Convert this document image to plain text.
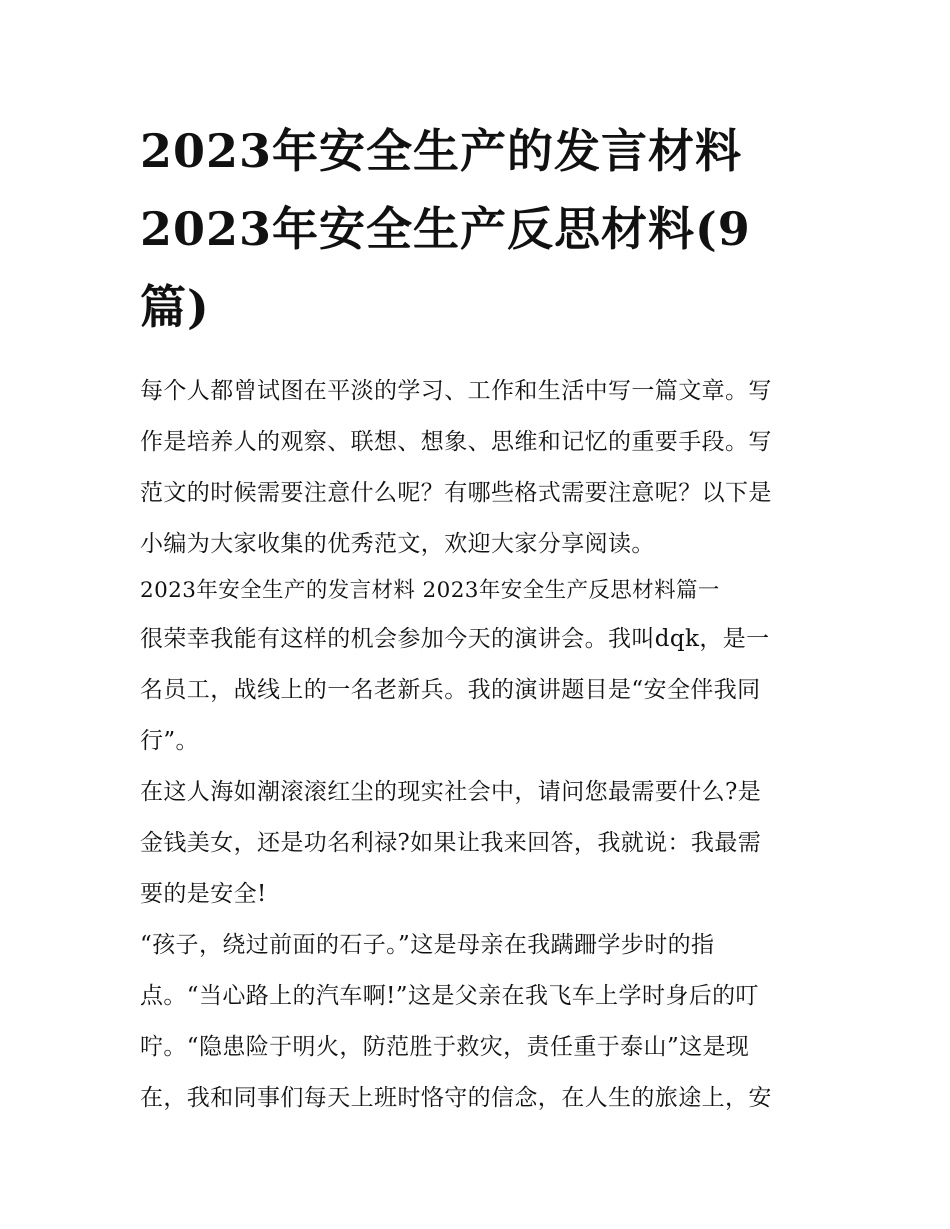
2023年安全生产的发言材料
2023年安全生产反思材料(9
篇)

每个人都曾试图在平淡的学习、工作和生活中写一篇文章。写
作是培养人的观察、联想、想象、思维和记忆的重要手段。写
范文的时候需要注意什么呢？有哪些格式需要注意呢？以下是
小编为大家收集的优秀范文，欢迎大家分享阅读。

2023年安全生产的发言材料 2023年安全生产反思材料篇一

很荣幸我能有这样的机会参加今天的演讲会。我叫dqk，是一
名员工，战线上的一名老新兵。我的演讲题目是“安全伴我同
行”。

在这人海如潮滚滚红尘的现实社会中，请问您最需要什么?是
金钱美女，还是功名利禄?如果让我来回答，我就说：我最需
要的是安全!

“孩子，绕过前面的石子。”这是母亲在我蹒跚学步时的指
点。“当心路上的汽车啊!”这是父亲在我飞车上学时身后的叮
咛。“隐患险于明火，防范胜于救灾，责任重于泰山”这是现
在，我和同事们每天上班时恪守的信念，在人生的旅途上，安
